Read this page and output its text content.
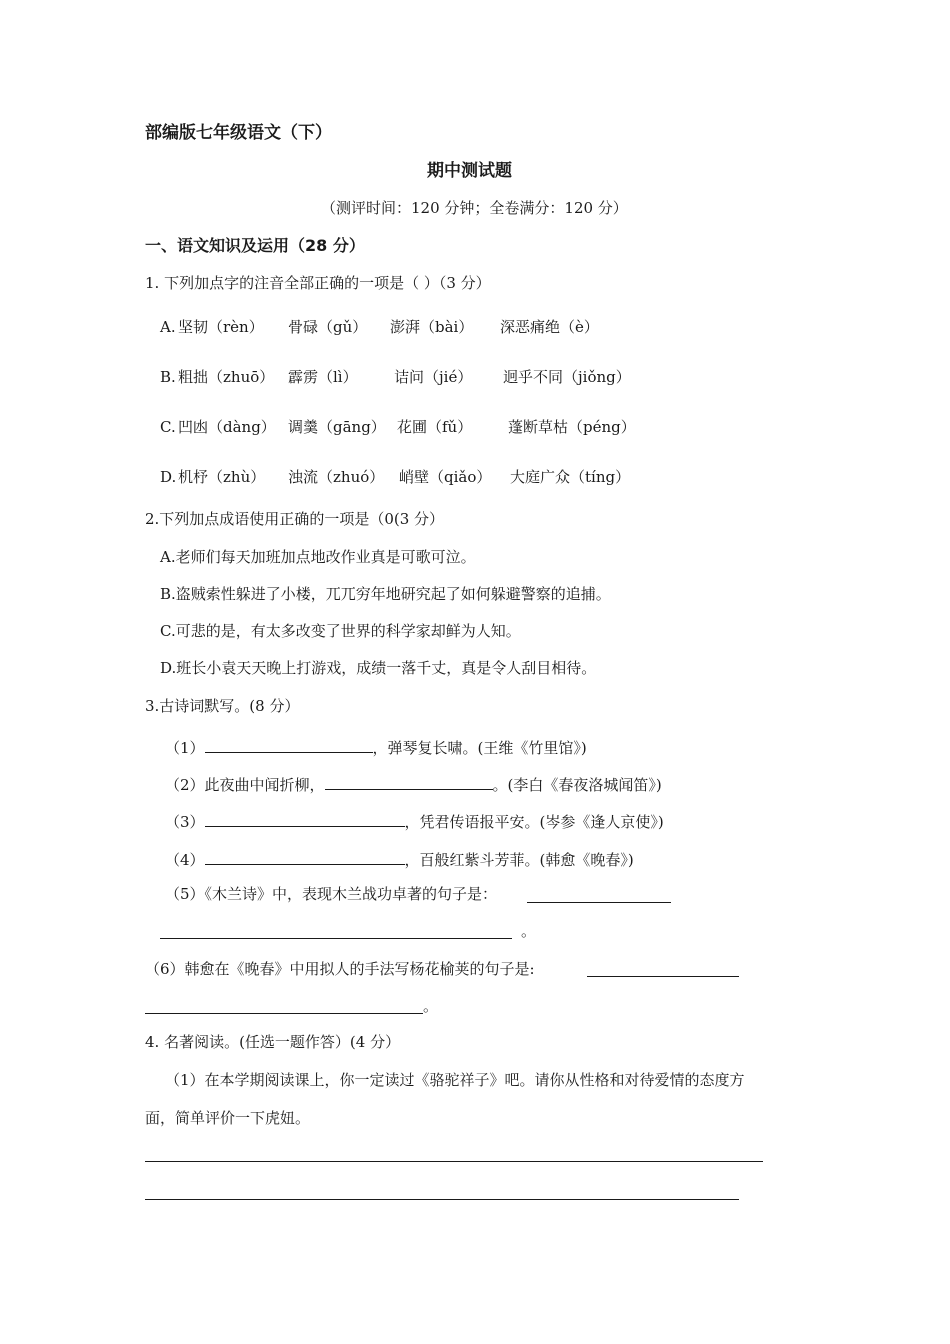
部编版七年级语文（下）
期中测试题
（测评时间：120 分钟；全卷满分：120 分）
一、语文知识及运用（28 分）
1. 下列加点字的注音全部正确的一项是（ ）（3 分）
A. 坚韧（rèn） 骨碌（gǔ） 澎湃（bài） 深恶痛绝（è）
B. 粗拙（zhuō） 霹雳（lì） 诘问（jié） 迥乎不同（jiǒng）
C. 凹凼（dàng） 调羹（gāng） 花圃（fǔ） 蓬断草枯（péng）
D. 机杼（zhù） 浊流（zhuó） 峭壁（qiǎo） 大庭广众（tíng）
2.下列加点成语使用正确的一项是（0(3 分）
A.老师们每天加班加点地改作业真是可歌可泣。
B.盗贼索性躲进了小楼，兀兀穷年地研究起了如何躲避警察的追捕。
C.可悲的是，有太多改变了世界的科学家却鲜为人知。
D.班长小袁天天晚上打游戏，成绩一落千丈，真是令人刮目相待。
3.古诗词默写。(8 分）
（1）	，弹琴复长啸。(王维《竹里馆》)
（2）此夜曲中闻折柳，	。(李白《春夜洛城闻笛》)
（3）	，凭君传语报平安。(岑参《逢人京使》)
（4）	，百般红紫斗芳菲。(韩愈《晚春》)
（5）《木兰诗》中，表现木兰战功卓著的句子是：
。
（6）韩愈在《晚春》中用拟人的手法写杨花榆荚的句子是:
。
4. 名著阅读。(任选一题作答）(4 分）
（1）在本学期阅读课上，你一定读过《骆驼祥子》吧。请你从性格和对待爱情的态度方
面，简单评价一下虎妞。
